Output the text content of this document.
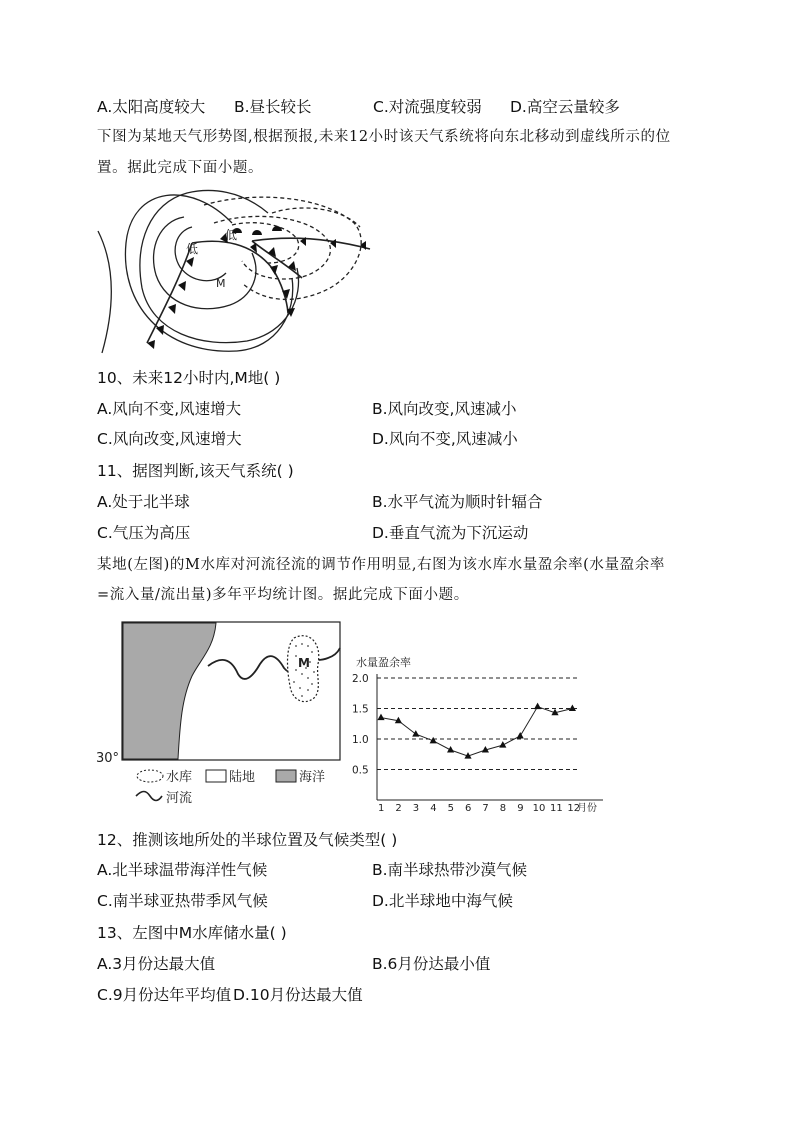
A.太阳高度较大 B.昼长较长	C.对流强度较弱 D.高空云量较多
下图为某地天气形势图,根据预报,未来12小时该天气系统将向东北移动到虚线所示的位
置。据此完成下面小题。
低
低
M
10、未来12小时内,M地( )
A.风向不变,风速增大	B.风向改变,风速减小
C.风向改变,风速增大	D.风向不变,风速减小
11、据图判断,该天气系统( )
A.处于北半球	B.水平气流为顺时针辐合
C.气压为高压	D.垂直气流为下沉运动
某地(左图)的M水库对河流径流的调节作用明显,右图为该水库水量盈余率(水量盈余率
=流入量/流出量)多年平均统计图。据此完成下面小题。
M
30°
水库	陆地	海洋
河流
水量盈余率
2.0
1.5
1.0
0.5
1 2 3 4 5 6 7 8 9 10 11 12
月份
12、推测该地所处的半球位置及气候类型( )
A.北半球温带海洋性气候	B.南半球热带沙漠气候
C.南半球亚热带季风气候	D.北半球地中海气候
13、左图中M水库储水量( )
A.3月份达最大值	B.6月份达最小值
C.9月份达年平均值 D.10月份达最大值
